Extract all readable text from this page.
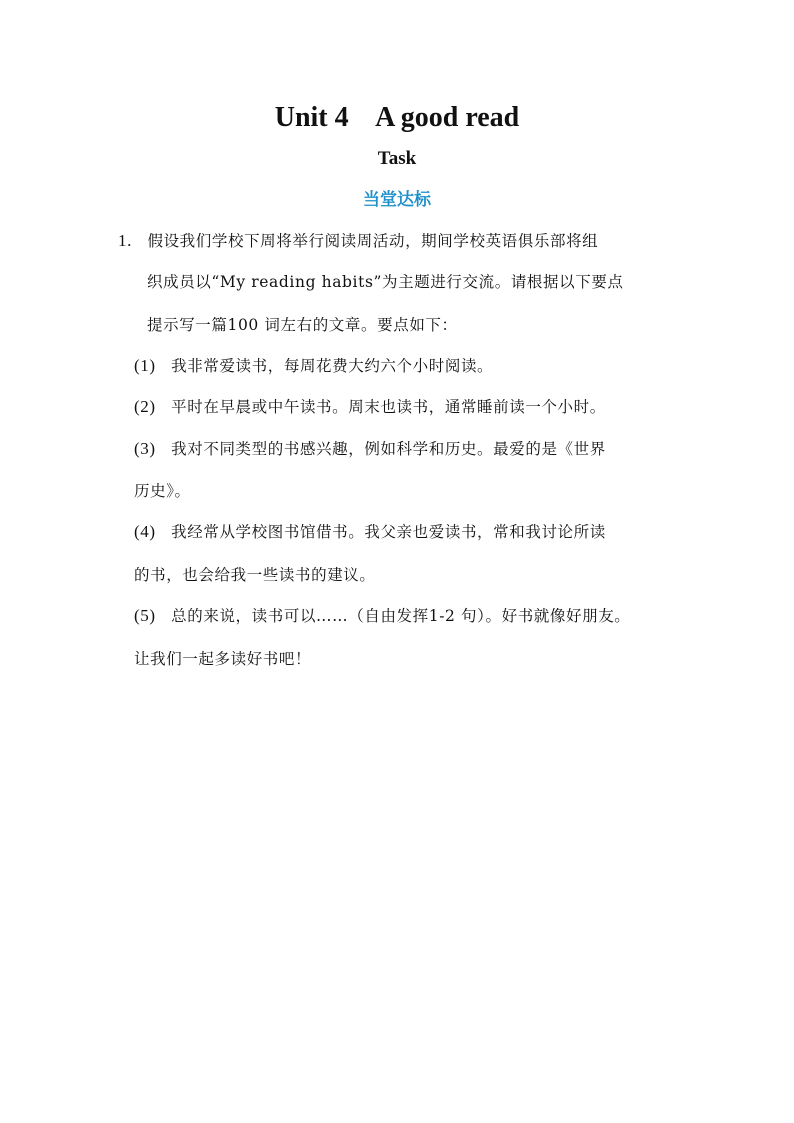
Unit 4    A good read
Task
当堂达标
1. 假设我们学校下周将举行阅读周活动，期间学校英语俱乐部将组
织成员以“My reading habits”为主题进行交流。请根据以下要点
提示写一篇100 词左右的文章。要点如下：
(1) 我非常爱读书，每周花费大约六个小时阅读。
(2) 平时在早晨或中午读书。周末也读书，通常睡前读一个小时。
(3) 我对不同类型的书感兴趣，例如科学和历史。最爱的是《世界
历史》。
(4) 我经常从学校图书馆借书。我父亲也爱读书，常和我讨论所读
的书，也会给我一些读书的建议。
(5) 总的来说，读书可以……（自由发挥1-2 句）。好书就像好朋友。
让我们一起多读好书吧！
